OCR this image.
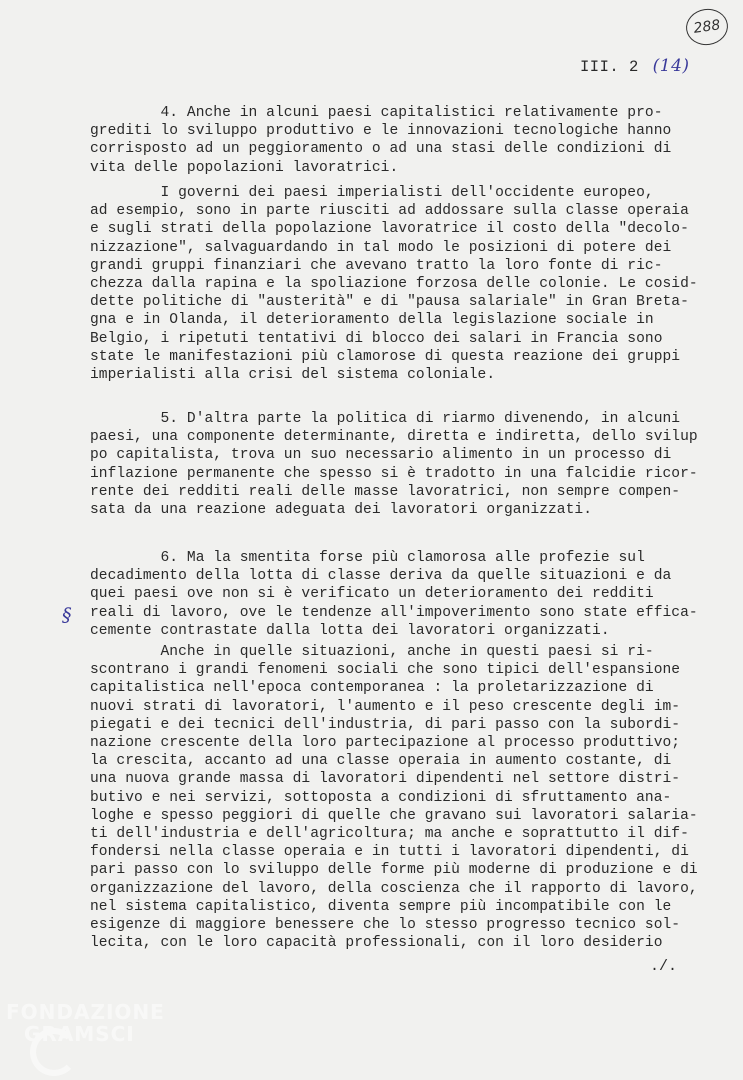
288
III. 2 (14)
4. Anche in alcuni paesi capitalistici relativamente pro-
grediti lo sviluppo produttivo e le innovazioni tecnologiche hanno
corrisposto ad un peggioramento o ad una stasi delle condizioni di
vita delle popolazioni lavoratrici.
I governi dei paesi imperialisti dell'occidente europeo,
ad esempio, sono in parte riusciti ad addossare sulla classe operaia
e sugli strati della popolazione lavoratrice il costo della "decolo-
nizzazione", salvaguardando in tal modo le posizioni di potere dei
grandi gruppi finanziari che avevano tratto la loro fonte di ric-
chezza dalla rapina e la spoliazione forzosa delle colonie. Le cosid-
dette politiche di "austerità" e di "pausa salariale" in Gran Breta-
gna e in Olanda, il deterioramento della legislazione sociale in
Belgio, i ripetuti tentativi di blocco dei salari in Francia sono
state le manifestazioni più clamorose di questa reazione dei gruppi
imperialisti alla crisi del sistema coloniale.
5. D'altra parte la politica di riarmo divenendo, in alcuni
paesi, una componente determinante, diretta e indiretta, dello svilup
po capitalista, trova un suo necessario alimento in un processo di
inflazione permanente che spesso si è tradotto in una falcidie ricor-
rente dei redditi reali delle masse lavoratrici, non sempre compen-
sata da una reazione adeguata dei lavoratori organizzati.
6. Ma la smentita forse più clamorosa alle profezie sul
decadimento della lotta di classe deriva da quelle situazioni e da
quei paesi ove non si è verificato un deterioramento dei redditi
reali di lavoro, ove le tendenze all'impoverimento sono state effica-
cemente contrastate dalla lotta dei lavoratori organizzati.
Anche in quelle situazioni, anche in questi paesi si ri-
scontrano i grandi fenomeni sociali che sono tipici dell'espansione
capitalistica nell'epoca contemporanea : la proletarizzazione di
nuovi strati di lavoratori, l'aumento e il peso crescente degli im-
piegati e dei tecnici dell'industria, di pari passo con la subordi-
nazione crescente della loro partecipazione al processo produttivo;
la crescita, accanto ad una classe operaia in aumento costante, di
una nuova grande massa di lavoratori dipendenti nel settore distri-
butivo e nei servizi, sottoposta a condizioni di sfruttamento ana-
loghe e spesso peggiori di quelle che gravano sui lavoratori salaria-
ti dell'industria e dell'agricoltura; ma anche e soprattutto il dif-
fondersi nella classe operaia e in tutti i lavoratori dipendenti, di
pari passo con lo sviluppo delle forme più moderne di produzione e di
organizzazione del lavoro, della coscienza che il rapporto di lavoro,
nel sistema capitalistico, diventa sempre più incompatibile con le
esigenze di maggiore benessere che lo stesso progresso tecnico sol-
lecita, con le loro capacità professionali, con il loro desiderio
§
./.
FONDAZIONE
GRAMSCI
